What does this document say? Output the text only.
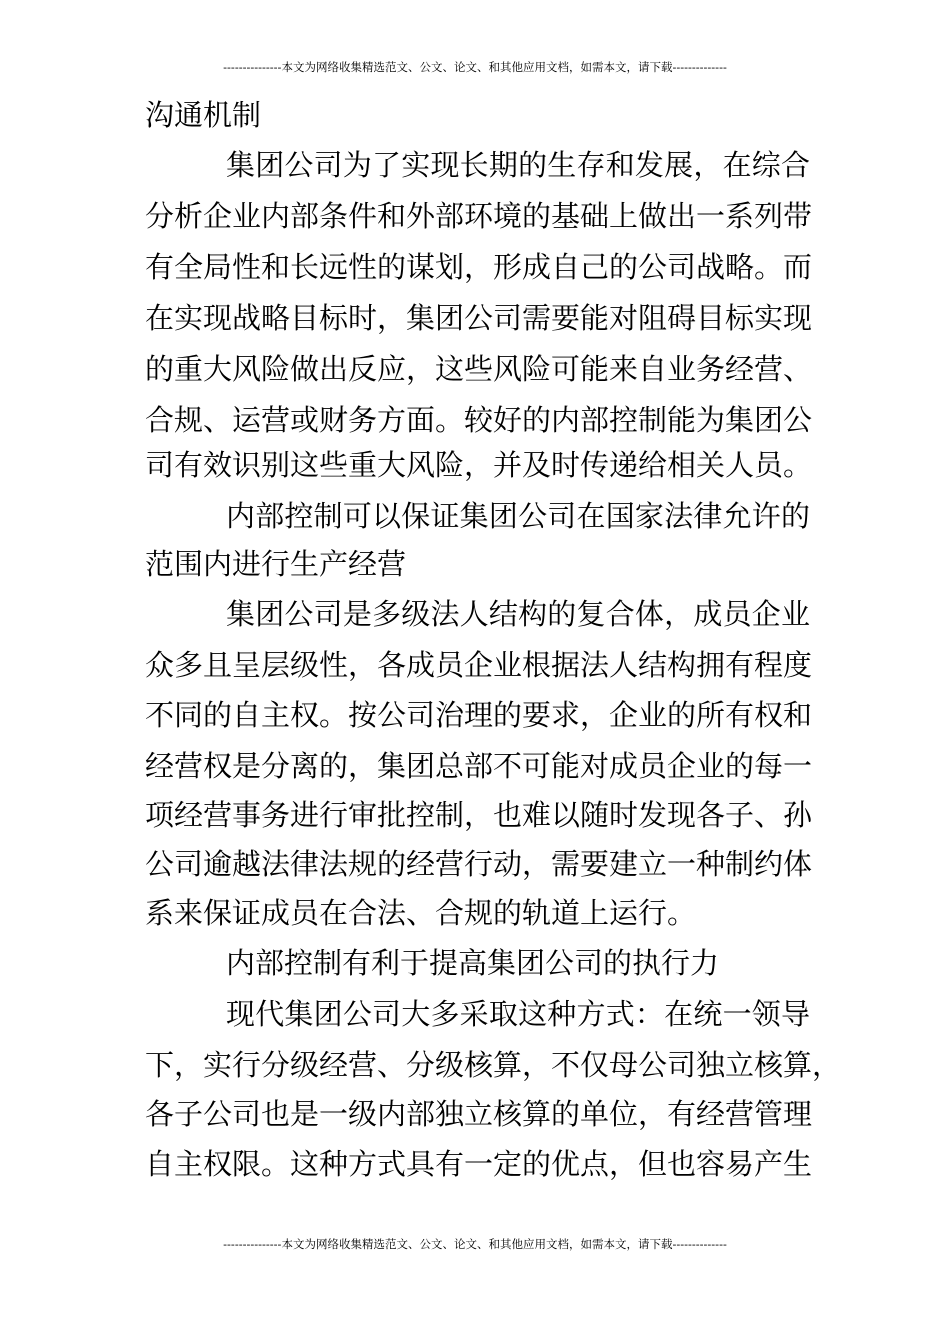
---------------本文为网络收集精选范文、公文、论文、和其他应用文档，如需本文，请下载--------------
沟通机制
集团公司为了实现长期的生存和发展，在综合
分析企业内部条件和外部环境的基础上做出一系列带
有全局性和长远性的谋划，形成自己的公司战略。而
在实现战略目标时，集团公司需要能对阻碍目标实现
的重大风险做出反应，这些风险可能来自业务经营、
合规、运营或财务方面。较好的内部控制能为集团公
司有效识别这些重大风险，并及时传递给相关人员。
内部控制可以保证集团公司在国家法律允许的
范围内进行生产经营
集团公司是多级法人结构的复合体，成员企业
众多且呈层级性，各成员企业根据法人结构拥有程度
不同的自主权。按公司治理的要求，企业的所有权和
经营权是分离的，集团总部不可能对成员企业的每一
项经营事务进行审批控制，也难以随时发现各子、孙
公司逾越法律法规的经营行动，需要建立一种制约体
系来保证成员在合法、合规的轨道上运行。
内部控制有利于提高集团公司的执行力
现代集团公司大多采取这种方式：在统一领导
下，实行分级经营、分级核算，不仅母公司独立核算，
各子公司也是一级内部独立核算的单位，有经营管理
自主权限。这种方式具有一定的优点，但也容易产生
---------------本文为网络收集精选范文、公文、论文、和其他应用文档，如需本文，请下载--------------
